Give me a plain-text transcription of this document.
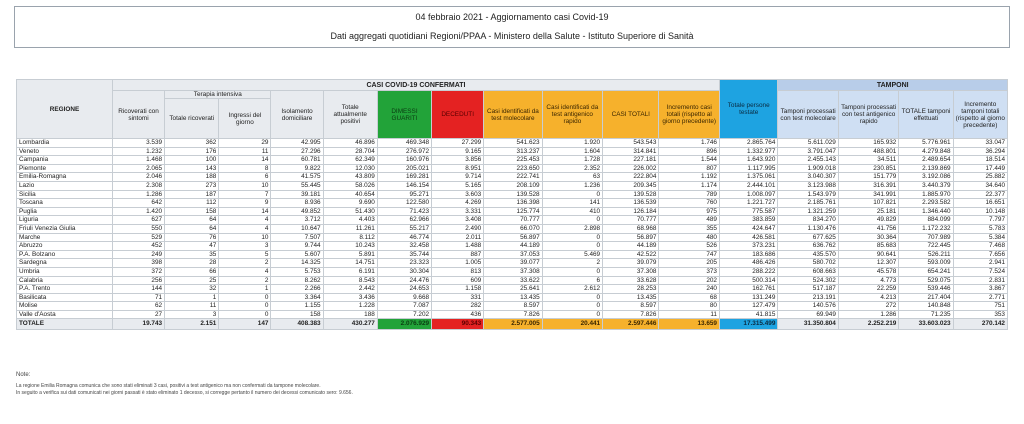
04 febbraio 2021 - Aggiornamento casi Covid-19
Dati aggregati quotidiani Regioni/PPAA - Ministero della Salute - Istituto Superiore di Sanità
REGIONE	CASI COVID-19 CONFERMATI											Totale persone testate	TAMPONI			
	Ricoverati con sintomi	Terapia intensiva		Isolamento domiciliare	Totale attualmente positivi	DIMESSI GUARITI	DECEDUTI	Casi identificati da test molecolare	Casi identificati da test antigenico rapido	CASI TOTALI	Incremento casi totali (rispetto al giorno precedente)		Tamponi processati con test molecolare	Tamponi processati con test antigenico rapido	TOTALE tamponi effettuati	Incremento tamponi totali (rispetto al giorno precedente)
		Totale ricoverati	Ingressi del giorno													
Lombardia	3.539	362	29	42.995	46.896	469.348	27.299	541.623	1.920	543.543	1.746	2.865.764	5.611.029	165.932	5.776.961	33.047
Veneto	1.232	176	11	27.296	28.704	276.972	9.165	313.237	1.604	314.841	896	1.332.977	3.791.047	488.801	4.279.848	36.294
Campania	1.468	100	14	60.781	62.349	160.976	3.856	225.453	1.728	227.181	1.544	1.643.920	2.455.143	34.511	2.489.654	18.514
Piemonte	2.065	143	8	9.822	12.030	205.021	8.951	223.650	2.352	226.002	807	1.117.995	1.909.018	230.851	2.139.869	17.449
Emilia-Romagna	2.046	188	6	41.575	43.809	169.281	9.714	222.741	63	222.804	1.192	1.375.061	3.040.307	151.779	3.192.086	25.882
Lazio	2.308	273	10	55.445	58.026	146.154	5.165	208.109	1.236	209.345	1.174	2.444.101	3.123.988	316.391	3.440.379	34.640
Sicilia	1.286	187	7	39.181	40.654	95.271	3.603	139.528	0	139.528	789	1.008.097	1.543.979	341.991	1.885.970	22.377
Toscana	642	112	9	8.936	9.690	122.580	4.269	136.398	141	136.539	760	1.221.727	2.185.761	107.821	2.293.582	16.651
Puglia	1.420	158	14	49.852	51.430	71.423	3.331	125.774	410	126.184	975	775.587	1.321.259	25.181	1.346.440	10.148
Liguria	627	64	4	3.712	4.403	62.966	3.408	70.777	0	70.777	489	383.859	834.270	49.829	884.099	7.797
Friuli Venezia Giulia	550	64	4	10.647	11.261	55.217	2.490	66.070	2.898	68.968	355	424.647	1.130.476	41.756	1.172.232	5.783
Marche	529	76	10	7.507	8.112	46.774	2.011	56.897	0	56.897	480	426.581	677.625	30.364	707.989	5.384
Abruzzo	452	47	3	9.744	10.243	32.458	1.488	44.189	0	44.189	526	373.231	636.762	85.683	722.445	7.468
P.A. Bolzano	249	35	5	5.607	5.891	35.744	887	37.053	5.469	42.522	747	183.686	435.570	90.641	526.211	7.656
Sardegna	398	28	2	14.325	14.751	23.323	1.005	39.077	2	39.079	205	486.426	580.702	12.307	593.009	2.941
Umbria	372	66	4	5.753	6.191	30.304	813	37.308	0	37.308	373	288.222	608.663	45.578	654.241	7.524
Calabria	256	25	2	8.262	8.543	24.476	609	33.622	6	33.628	202	500.314	524.302	4.773	529.075	2.831
P.A. Trento	144	32	1	2.266	2.442	24.653	1.158	25.641	2.612	28.253	240	162.761	517.187	22.259	539.446	3.867
Basilicata	71	1	0	3.364	3.436	9.668	331	13.435	0	13.435	68	131.249	213.191	4.213	217.404	2.771
Molise	62	11	0	1.155	1.228	7.087	282	8.597	0	8.597	80	127.479	140.576	272	140.848	751
Valle d'Aosta	27	3	0	158	188	7.202	436	7.826	0	7.826	11	41.815	69.949	1.286	71.235	353
TOTALE	19.743	2.151	147	408.383	430.277	2.076.929	90.343	2.577.005	20.441	2.597.446	13.659	17.315.499	31.350.804	2.252.219	33.603.023	270.142
Note:
La regione Emilia Romagna comunica che sono stati eliminati 3 casi, positivi a test antigenico ma non confermati da tampone molecolare.
In seguito a verifica sui dati comunicati nei giorni passati è stato eliminato 1 decesso, si corregge pertanto il numero dei decessi comunicato sero: 9.656.
